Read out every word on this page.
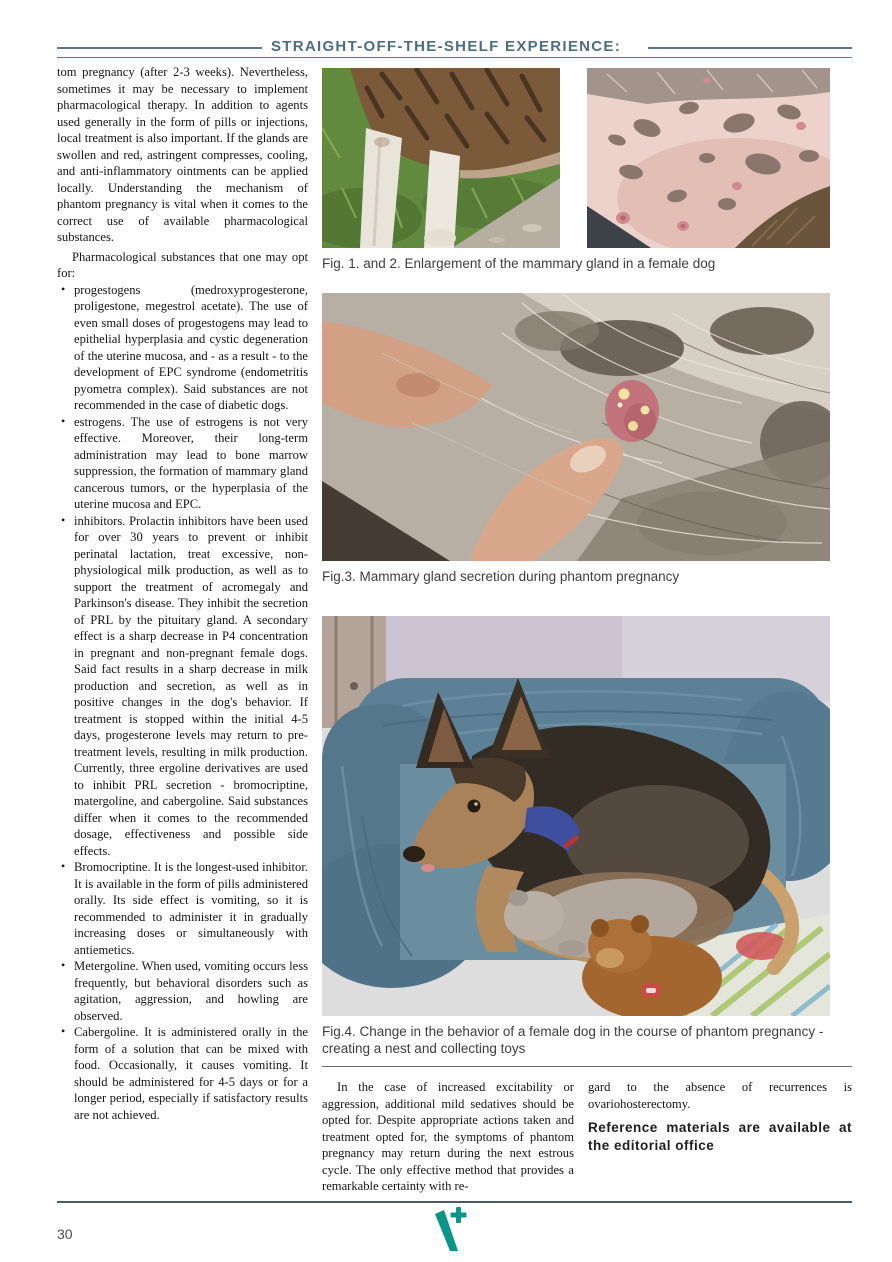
STRAIGHT-OFF-THE-SHELF EXPERIENCE:

tom pregnancy (after 2-3 weeks). Nevertheless, sometimes it may be necessary to implement pharmacological therapy. In addition to agents used generally in the form of pills or injections, local treatment is also important. If the glands are swollen and red, astringent compresses, cooling, and anti-inflammatory ointments can be applied locally. Understanding the mechanism of phantom pregnancy is vital when it comes to the correct use of available pharmacological substances.

Pharmacological substances that one may opt for:

• progestogens (medroxyprogesterone, proligestone, megestrol acetate). The use of even small doses of progestogens may lead to epithelial hyperplasia and cystic degeneration of the uterine mucosa, and - as a result - to the development of EPC syndrome (endometritis pyometra complex). Said substances are not recommended in the case of diabetic dogs.
• estrogens. The use of estrogens is not very effective. Moreover, their long-term administration may lead to bone marrow suppression, the formation of mammary gland cancerous tumors, or the hyperplasia of the uterine mucosa and EPC.
• inhibitors. Prolactin inhibitors have been used for over 30 years to prevent or inhibit perinatal lactation, treat excessive, non-physiological milk production, as well as to support the treatment of acromegaly and Parkinson's disease. They inhibit the secretion of PRL by the pituitary gland. A secondary effect is a sharp decrease in P4 concentration in pregnant and non-pregnant female dogs. Said fact results in a sharp decrease in milk production and secretion, as well as in positive changes in the dog's behavior. If treatment is stopped within the initial 4-5 days, progesterone levels may return to pre-treatment levels, resulting in milk production. Currently, three ergoline derivatives are used to inhibit PRL secretion - bromocriptine, matergoline, and cabergoline. Said substances differ when it comes to the recommended dosage, effectiveness and possible side effects.
• Bromocriptine. It is the longest-used inhibitor. It is available in the form of pills administered orally. Its side effect is vomiting, so it is recommended to administer it in gradually increasing doses or simultaneously with antiemetics.
• Metergoline. When used, vomiting occurs less frequently, but behavioral disorders such as agitation, aggression, and howling are observed.
• Cabergoline. It is administered orally in the form of a solution that can be mixed with food. Occasionally, it causes vomiting. It should be administered for 4-5 days or for a longer period, especially if satisfactory results are not achieved.

Fig. 1. and 2. Enlargement of the mammary gland in a female dog

Fig.3. Mammary gland secretion during phantom pregnancy

Fig.4. Change in the behavior of a female dog in the course of phantom pregnancy - creating a nest and collecting toys

In the case of increased excitability or aggression, additional mild sedatives should be opted for. Despite appropriate actions taken and treatment opted for, the symptoms of phantom pregnancy may return during the next estrous cycle. The only effective method that provides a remarkable certainty with re-

gard to the absence of recurrences is ovariohosterectomy.

Reference materials are available at the editorial office

30
